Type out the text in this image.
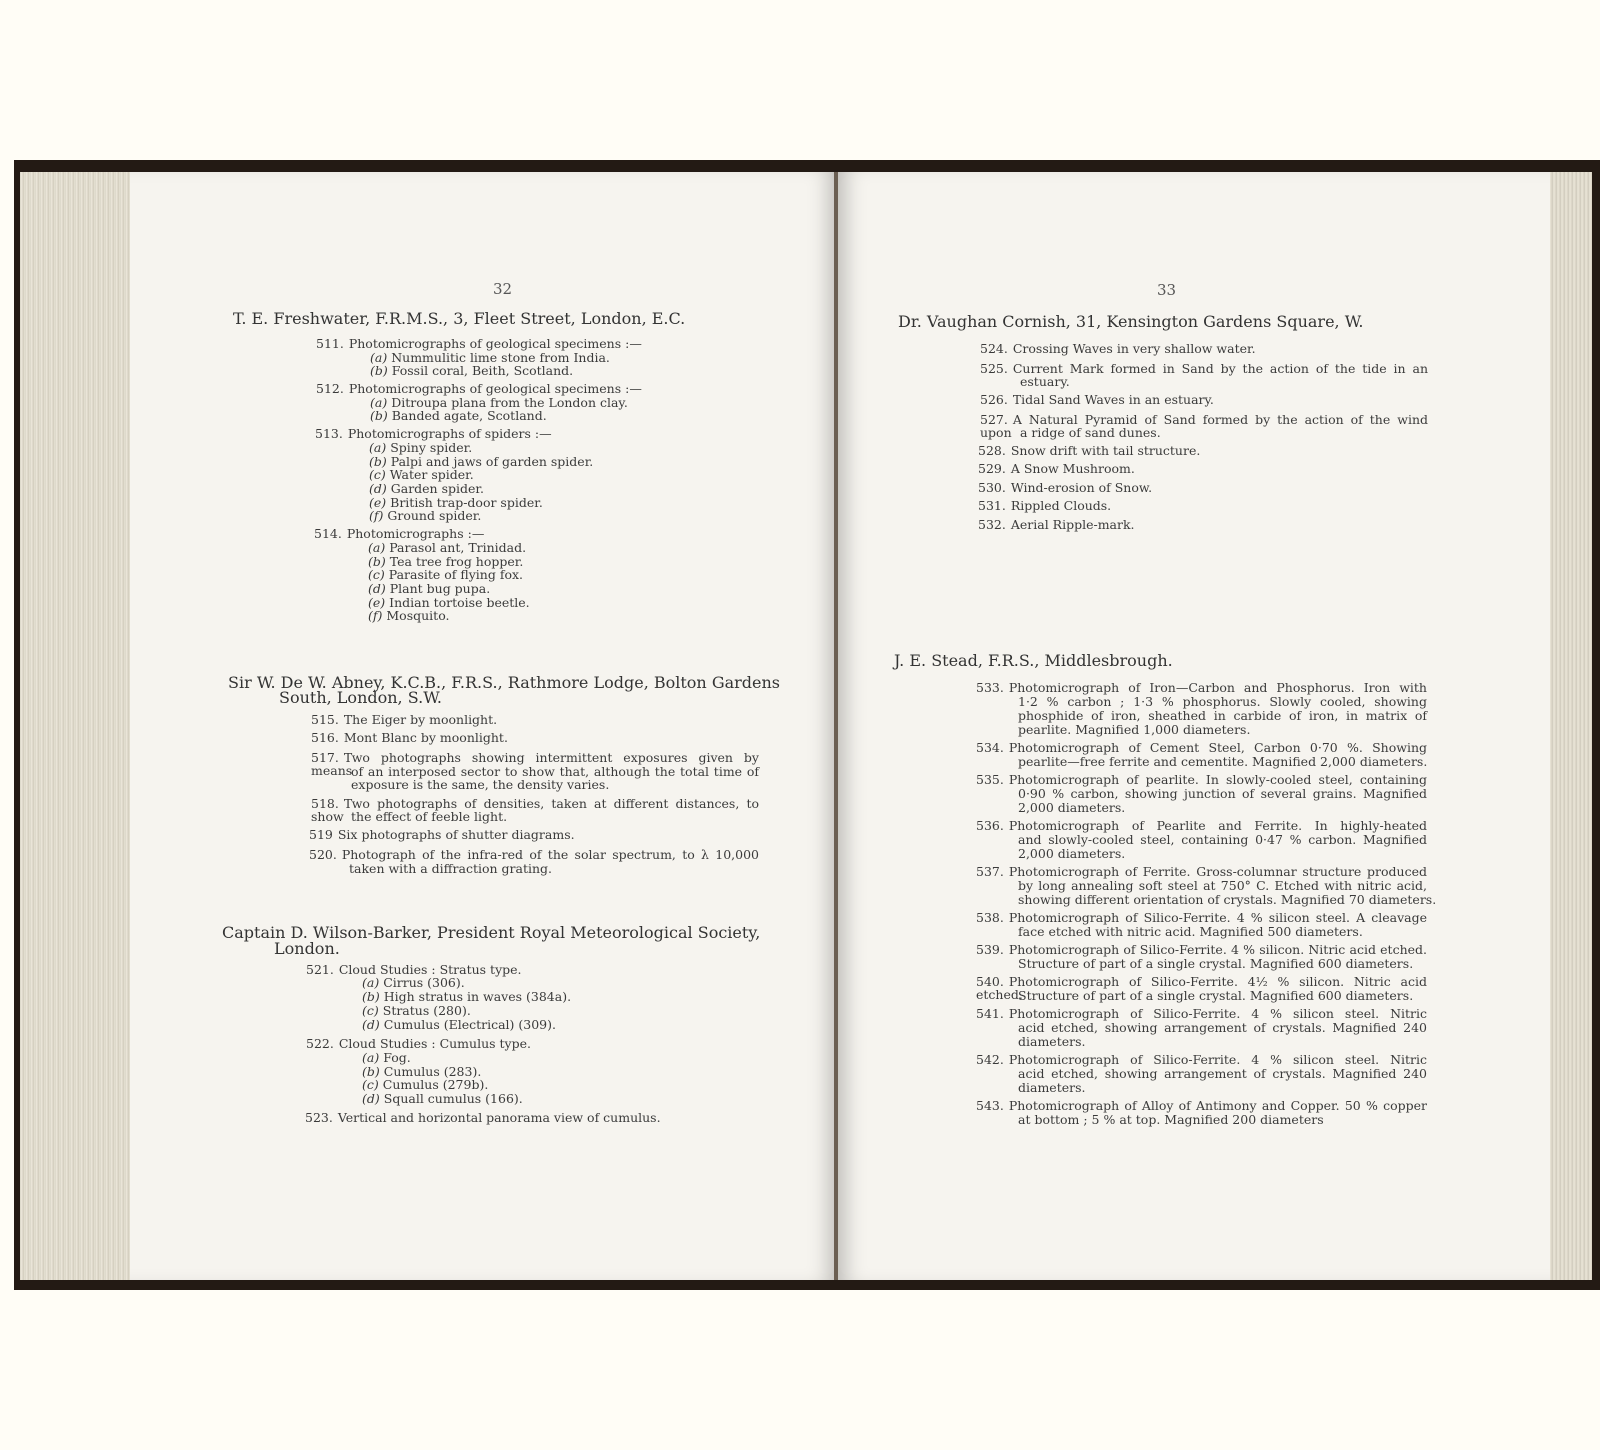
32
T. E. Freshwater, F.R.M.S., 3, Fleet Street, London, E.C.
511. Photomicrographs of geological specimens :—
(a) Nummulitic lime stone from India.
(b) Fossil coral, Beith, Scotland.
512. Photomicrographs of geological specimens :—
(a) Ditroupa plana from the London clay.
(b) Banded agate, Scotland.
513. Photomicrographs of spiders :—
(a) Spiny spider.
(b) Palpi and jaws of garden spider.
(c) Water spider.
(d) Garden spider.
(e) British trap-door spider.
(f) Ground spider.
514. Photomicrographs :—
(a) Parasol ant, Trinidad.
(b) Tea tree frog hopper.
(c) Parasite of flying fox.
(d) Plant bug pupa.
(e) Indian tortoise beetle.
(f) Mosquito.
Sir W. De W. Abney, K.C.B., F.R.S., Rathmore Lodge, Bolton Gardens
South, London, S.W.
515. The Eiger by moonlight.
516. Mont Blanc by moonlight.
517. Two photographs showing intermittent exposures given by means
of an interposed sector to show that, although the total time of
exposure is the same, the density varies.
518. Two photographs of densities, taken at different distances, to show the effect of feeble light.
519 Six photographs of shutter diagrams.
520. Photograph of the infra-red of the solar spectrum, to λ 10,000
taken with a diffraction grating.
Captain D. Wilson-Barker, President Royal Meteorological Society,
London.
521. Cloud Studies : Stratus type.
(a) Cirrus (306).
(b) High stratus in waves (384a).
(c) Stratus (280).
(d) Cumulus (Electrical) (309).
522. Cloud Studies : Cumulus type.
(a) Fog.
(b) Cumulus (283).
(c) Cumulus (279b).
(d) Squall cumulus (166).
523. Vertical and horizontal panorama view of cumulus.
33
Dr. Vaughan Cornish, 31, Kensington Gardens Square, W.
524. Crossing Waves in very shallow water.
525. Current Mark formed in Sand by the action of the tide in an
estuary.
526. Tidal Sand Waves in an estuary.
527. A Natural Pyramid of Sand formed by the action of the wind upon a ridge of sand dunes.
528. Snow drift with tail structure.
529. A Snow Mushroom.
530. Wind-erosion of Snow.
531. Rippled Clouds.
532. Aerial Ripple-mark.
J. E. Stead, F.R.S., Middlesbrough.
533. Photomicrograph of Iron—Carbon and Phosphorus. Iron with
1·2 % carbon ; 1·3 % phosphorus. Slowly cooled, showing
phosphide of iron, sheathed in carbide of iron, in matrix of
pearlite. Magnified 1,000 diameters.
534. Photomicrograph of Cement Steel, Carbon 0·70 %. Showing
pearlite—free ferrite and cementite. Magnified 2,000 diameters.
535. Photomicrograph of pearlite. In slowly-cooled steel, containing
0·90 % carbon, showing junction of several grains. Magnified
2,000 diameters.
536. Photomicrograph of Pearlite and Ferrite. In highly-heated
and slowly-cooled steel, containing 0·47 % carbon. Magnified
2,000 diameters.
537. Photomicrograph of Ferrite. Gross-columnar structure produced
by long annealing soft steel at 750° C. Etched with nitric acid,
showing different orientation of crystals. Magnified 70 diameters.
538. Photomicrograph of Silico-Ferrite. 4 % silicon steel. A cleavage
face etched with nitric acid. Magnified 500 diameters.
539. Photomicrograph of Silico-Ferrite. 4 % silicon. Nitric acid etched.
Structure of part of a single crystal. Magnified 600 diameters.
540. Photomicrograph of Silico-Ferrite. 4½ % silicon. Nitric acid etched.
Structure of part of a single crystal. Magnified 600 diameters.
541. Photomicrograph of Silico-Ferrite. 4 % silicon steel. Nitric
acid etched, showing arrangement of crystals. Magnified 240
diameters.
542. Photomicrograph of Silico-Ferrite. 4 % silicon steel. Nitric
acid etched, showing arrangement of crystals. Magnified 240
diameters.
543. Photomicrograph of Alloy of Antimony and Copper. 50 % copper
at bottom ; 5 % at top. Magnified 200 diameters
